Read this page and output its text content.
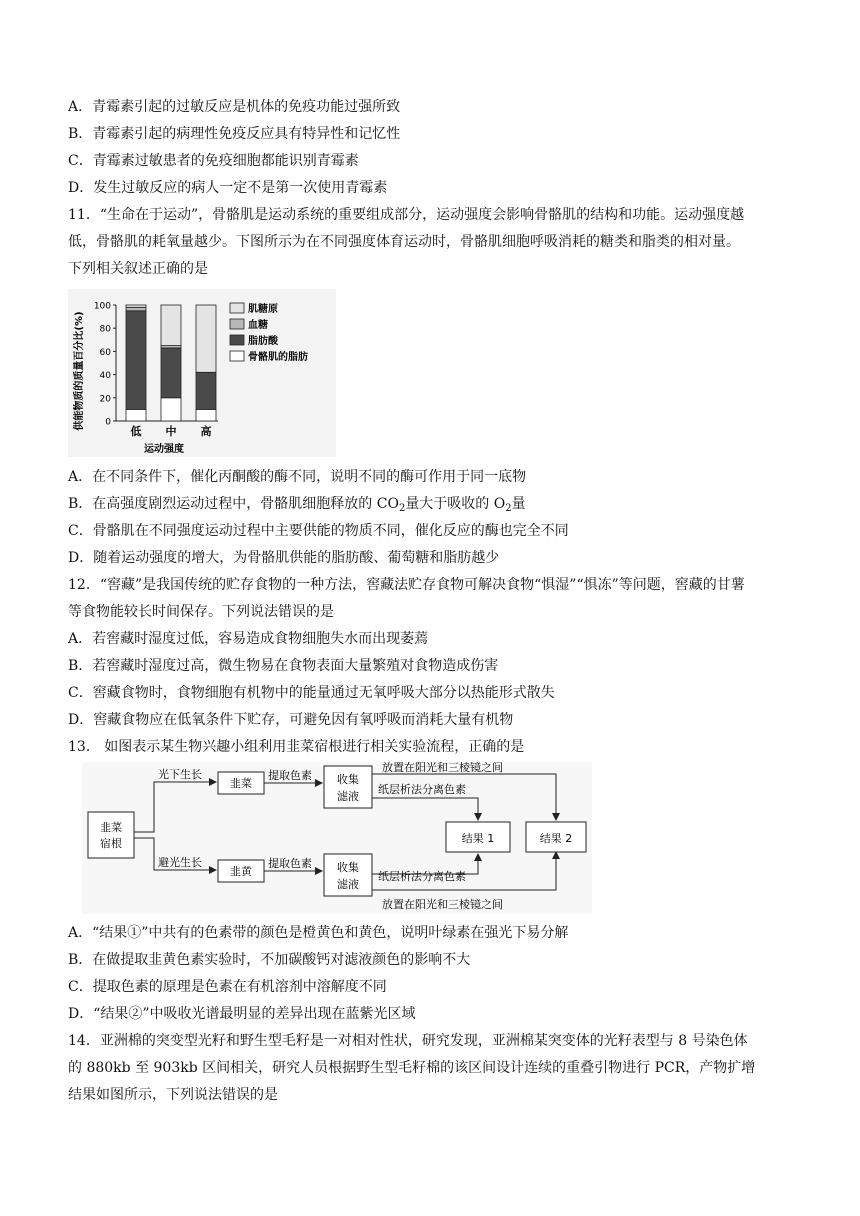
A．青霉素引起的过敏反应是机体的免疫功能过强所致
B．青霉素引起的病理性免疫反应具有特异性和记忆性
C．青霉素过敏患者的免疫细胞都能识别青霉素
D．发生过敏反应的病人一定不是第一次使用青霉素
11．“生命在于运动”，骨骼肌是运动系统的重要组成部分，运动强度会影响骨骼肌的结构和功能。运动强度越
低，骨骼肌的耗氧量越少。下图所示为在不同强度体育运动时，骨骼肌细胞呼吸消耗的糖类和脂类的相对量。
下列相关叙述正确的是
供能物质的质量百分比(%) 0
20
40
60
80
100
低 中 高
运动强度
肌糖原
血糖
脂肪酸
骨骼肌的脂肪
A．在不同条件下，催化丙酮酸的酶不同，说明不同的酶可作用于同一底物
B．在高强度剧烈运动过程中，骨骼肌细胞释放的 $CO_2$量大于吸收的 $O_2$量
C．骨骼肌在不同强度运动过程中主要供能的物质不同，催化反应的酶也完全不同
D．随着运动强度的增大，为骨骼肌供能的脂肪酸、葡萄糖和脂肪越少
12．“窖藏”是我国传统的贮存食物的一种方法，窖藏法贮存食物可解决食物“惧湿”“惧冻”等问题，窖藏的甘薯
等食物能较长时间保存。下列说法错误的是
A．若窖藏时湿度过低，容易造成食物细胞失水而出现萎蔫
B．若窖藏时湿度过高，微生物易在食物表面大量繁殖对食物造成伤害
C．窖藏食物时，食物细胞有机物中的能量通过无氧呼吸大部分以热能形式散失
D．窖藏食物应在低氧条件下贮存，可避免因有氧呼吸而消耗大量有机物
13． 如图表示某生物兴趣小组利用韭菜宿根进行相关实验流程，正确的是
韭菜
宿根
光下生长
避光生长
韭菜
韭黄
提取色素
提取色素
收集
滤液
收集
滤液
放置在阳光和三棱镜之间
放置在阳光和三棱镜之间
纸层析法分离色素
纸层析法分离色素
结果 1	结果 2
A．“结果①”中共有的色素带的颜色是橙黄色和黄色，说明叶绿素在强光下易分解
B．在做提取韭黄色素实验时，不加碳酸钙对滤液颜色的影响不大
C．提取色素的原理是色素在有机溶剂中溶解度不同
D．“结果②”中吸收光谱最明显的差异出现在蓝紫光区域
14．亚洲棉的突变型光籽和野生型毛籽是一对相对性状，研究发现，亚洲棉某突变体的光籽表型与 8 号染色体
的 880kb 至 903kb 区间相关，研究人员根据野生型毛籽棉的该区间设计连续的重叠引物进行 PCR，产物扩增
结果如图所示，下列说法错误的是
